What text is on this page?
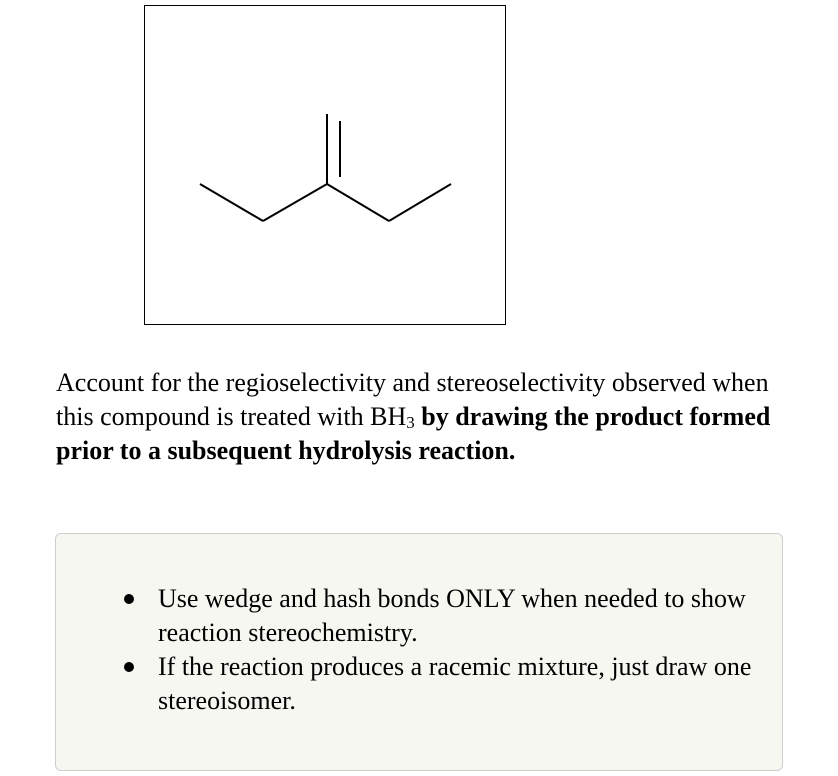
Account for the regioselectivity and stereoselectivity observed when this compound is treated with $BH_3$ by drawing the product formed prior to a subsequent hydrolysis reaction.
Use wedge and hash bonds ONLY when needed to show reaction stereochemistry.
If the reaction produces a racemic mixture, just draw one stereoisomer.
